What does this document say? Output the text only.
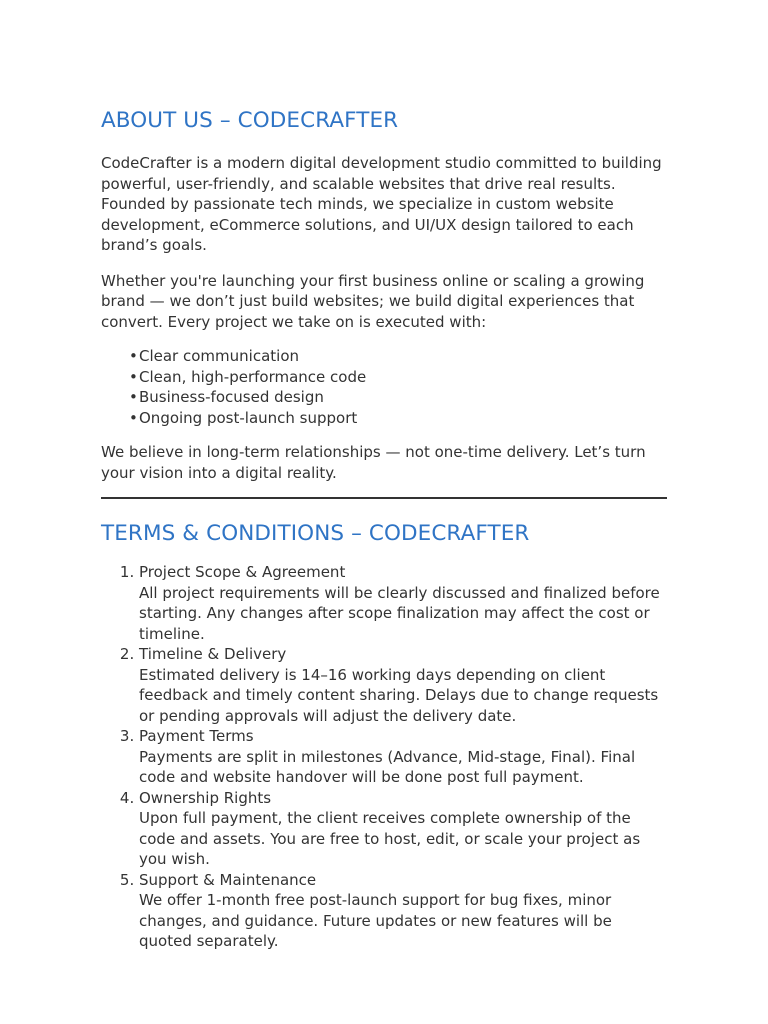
ABOUT US – CODECRAFTER

CodeCrafter is a modern digital development studio committed to building powerful, user-friendly, and scalable websites that drive real results. Founded by passionate tech minds, we specialize in custom website development, eCommerce solutions, and UI/UX design tailored to each brand’s goals.

Whether you're launching your first business online or scaling a growing brand — we don’t just build websites; we build digital experiences that convert. Every project we take on is executed with:

• Clear communication
• Clean, high-performance code
• Business-focused design
• Ongoing post-launch support

We believe in long-term relationships — not one-time delivery. Let’s turn your vision into a digital reality.

TERMS & CONDITIONS – CODECRAFTER
1. Project Scope & Agreement
All project requirements will be clearly discussed and finalized before starting. Any changes after scope finalization may affect the cost or timeline.
2. Timeline & Delivery
Estimated delivery is 14–16 working days depending on client feedback and timely content sharing. Delays due to change requests or pending approvals will adjust the delivery date.
3. Payment Terms
Payments are split in milestones (Advance, Mid-stage, Final). Final code and website handover will be done post full payment.
4. Ownership Rights
Upon full payment, the client receives complete ownership of the code and assets. You are free to host, edit, or scale your project as you wish.
5. Support & Maintenance
We offer 1-month free post-launch support for bug fixes, minor changes, and guidance. Future updates or new features will be quoted separately.
